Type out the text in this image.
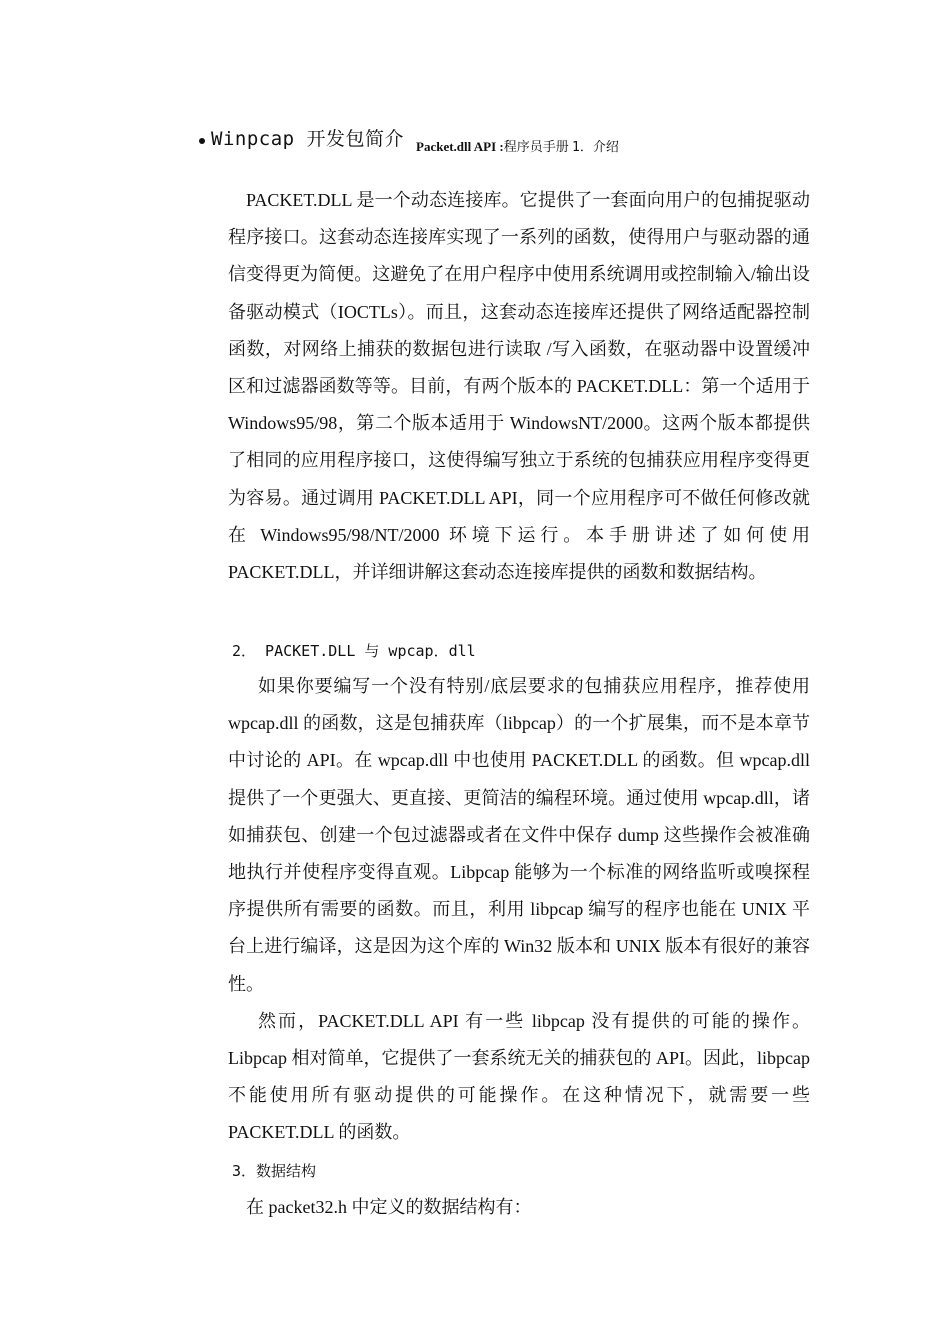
Winpcap 开发包简介 Packet.dll API :程序员手册 1．介绍

PACKET.DLL 是一个动态连接库。它提供了一套面向用户的包捕捉驱动程序接口。这套动态连接库实现了一系列的函数，使得用户与驱动器的通信变得更为简便。这避免了在用户程序中使用系统调用或控制输入/输出设备驱动模式（IOCTLs）。而且，这套动态连接库还提供了网络适配器控制函数，对网络上捕获的数据包进行读取 /写入函数，在驱动器中设置缓冲区和过滤器函数等等。目前，有两个版本的 PACKET.DLL：第一个适用于 Windows95/98，第二个版本适用于 WindowsNT/2000。这两个版本都提供了相同的应用程序接口，这使得编写独立于系统的包捕获应用程序变得更为容易。通过调用 PACKET.DLL API，同一个应用程序可不做任何修改就在 Windows95/98/NT/2000 环境下运行。本手册讲述了如何使用 PACKET.DLL，并详细讲解这套动态连接库提供的函数和数据结构。

2． PACKET.DLL 与 wpcap．dll

如果你要编写一个没有特别/底层要求的包捕获应用程序，推荐使用 wpcap.dll 的函数，这是包捕获库（libpcap）的一个扩展集，而不是本章节中讨论的 API。在 wpcap.dll 中也使用 PACKET.DLL 的函数。但 wpcap.dll 提供了一个更强大、更直接、更简洁的编程环境。通过使用 wpcap.dll，诸如捕获包、创建一个包过滤器或者在文件中保存 dump 这些操作会被准确地执行并使程序变得直观。Libpcap 能够为一个标准的网络监听或嗅探程序提供所有需要的函数。而且，利用 libpcap 编写的程序也能在 UNIX 平台上进行编译，这是因为这个库的 Win32 版本和 UNIX 版本有很好的兼容性。

然而，PACKET.DLL API 有一些 libpcap 没有提供的可能的操作。Libpcap 相对简单，它提供了一套系统无关的捕获包的 API。因此，libpcap 不能使用所有驱动提供的可能操作。在这种情况下，就需要一些 PACKET.DLL 的函数。

3．数据结构

在 packet32.h 中定义的数据结构有：
